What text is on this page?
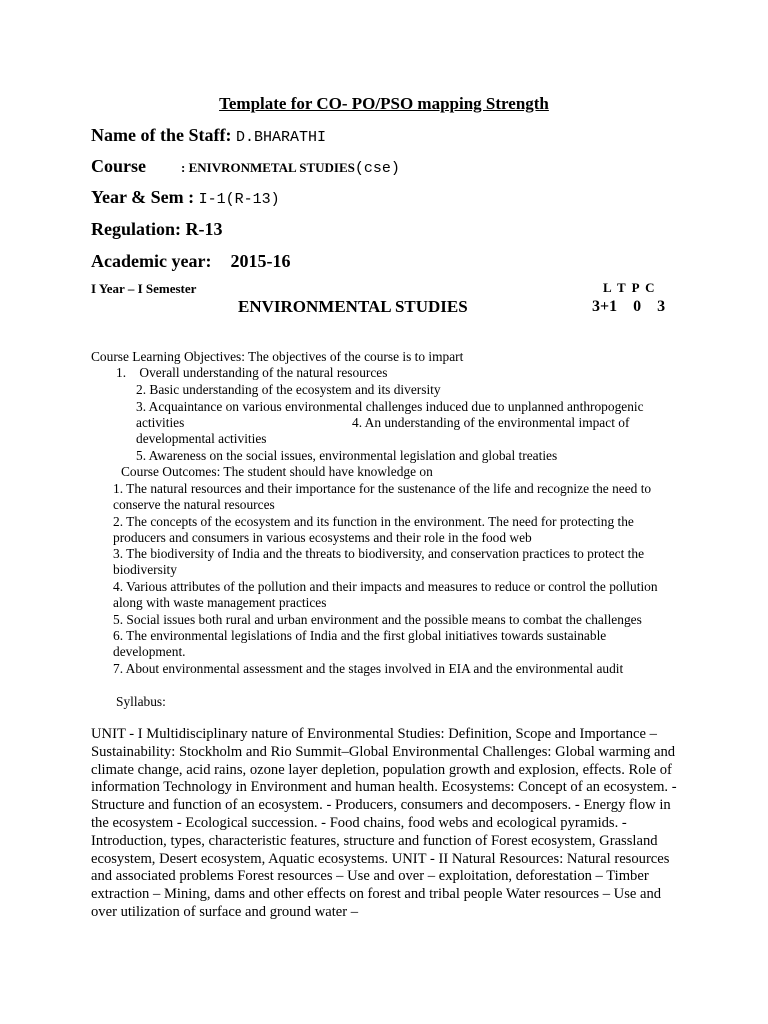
Template for CO- PO/PSO mapping Strength
Name of the Staff: D.BHARATHI
Course	: ENIVRONMETAL STUDIES(cse)
Year & Sem : I-1(R-13)
Regulation: R-13
Academic year: 2015-16
I Year – I Semester	L T P C
ENVIRONMENTAL STUDIES	3+1    0    3
Course Learning Objectives: The objectives of the course is to impart
1.    Overall understanding of the natural resources
2. Basic understanding of the ecosystem and its diversity
3. Acquaintance on various environmental challenges induced due to unplanned anthropogenic
activities	4. An understanding of the environmental impact of
developmental activities
5. Awareness on the social issues, environmental legislation and global treaties
Course Outcomes: The student should have knowledge on
1. The natural resources and their importance for the sustenance of the life and recognize the need to conserve the natural resources
2. The concepts of the ecosystem and its function in the environment. The need for protecting the producers and consumers in various ecosystems and their role in the food web
3. The biodiversity of India and the threats to biodiversity, and conservation practices to protect the biodiversity
4. Various attributes of the pollution and their impacts and measures to reduce or control the pollution along with waste management practices
5. Social issues both rural and urban environment and the possible means to combat the challenges
6. The environmental legislations of India and the first global initiatives towards sustainable development.
7. About environmental assessment and the stages involved in EIA and the environmental audit
Syllabus:
UNIT - I Multidisciplinary nature of Environmental Studies: Definition, Scope and Importance – Sustainability: Stockholm and Rio Summit–Global Environmental Challenges: Global warming and climate change, acid rains, ozone layer depletion, population growth and explosion, effects. Role of information Technology in Environment and human health. Ecosystems: Concept of an ecosystem. - Structure and function of an ecosystem. - Producers, consumers and decomposers. - Energy flow in the ecosystem - Ecological succession. - Food chains, food webs and ecological pyramids. - Introduction, types, characteristic features, structure and function of Forest ecosystem, Grassland ecosystem, Desert ecosystem, Aquatic ecosystems. UNIT - II Natural Resources: Natural resources and associated problems Forest resources – Use and over – exploitation, deforestation – Timber extraction – Mining, dams and other effects on forest and tribal people Water resources – Use and over utilization of surface and ground water –
